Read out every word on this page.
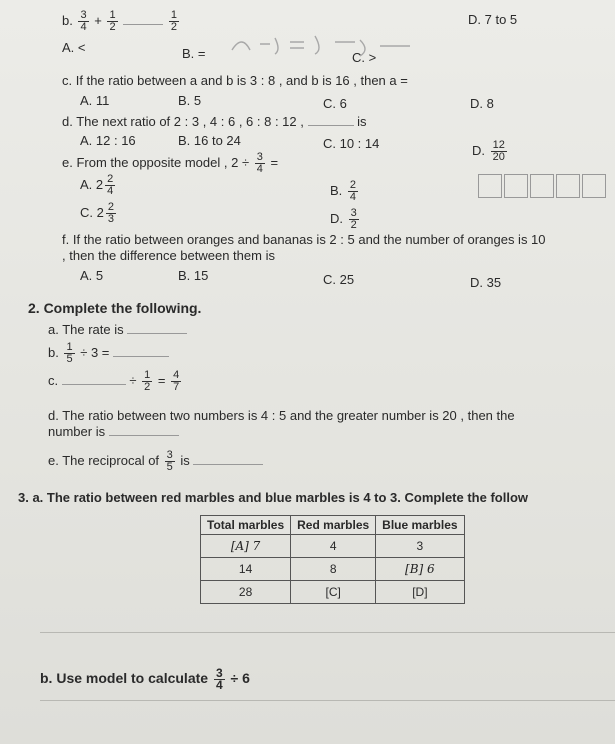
b. $\frac{3}{4} + \frac{1}{2}$
	$\frac{1}{2}$	D. 7 to 5
A. <	B. =	C. >
c. If the ratio between a and b is 3 : 8 , and b is 16 , then a =
A. 11	B. 5	C. 6	D. 8
d. The next ratio of 2 : 3 , 4 : 6 , 6 : 8 : 12 ,	is
A. 12 : 16	B. 16 to 24	C. 10 : 14	D. $\frac{12}{20}$
e. From the opposite model , $2 \div \frac{3}{4}$ =
A. $2 \frac{2}{4}$	B. $\frac{2}{4}$
C. $2 \frac{2}{3}$	D. $\frac{3}{2}$
f. If the ratio between oranges and bananas is 2 : 5 and the number of oranges is 10
, then the difference between them is
A. 5	B. 15	C. 25	D. 35
2. Complete the following.
a. The rate is
b. $\frac{1}{5} \div 3$ =
c.	÷ $\frac{1}{2} = \frac{4}{7}$
d. The ratio between two numbers is 4 : 5 and the greater number is 20 , then the
number is
e. The reciprocal of $\frac{3}{5}$ is
3. a. The ratio between red marbles and blue marbles is 4 to 3. Complete the follow
Total marbles	Red marbles	Blue marbles
[A] 7	4	3
14	8	[B] 6
28	[C]	[D]
b. Use model to calculate $\frac{3}{4} \div 6$
